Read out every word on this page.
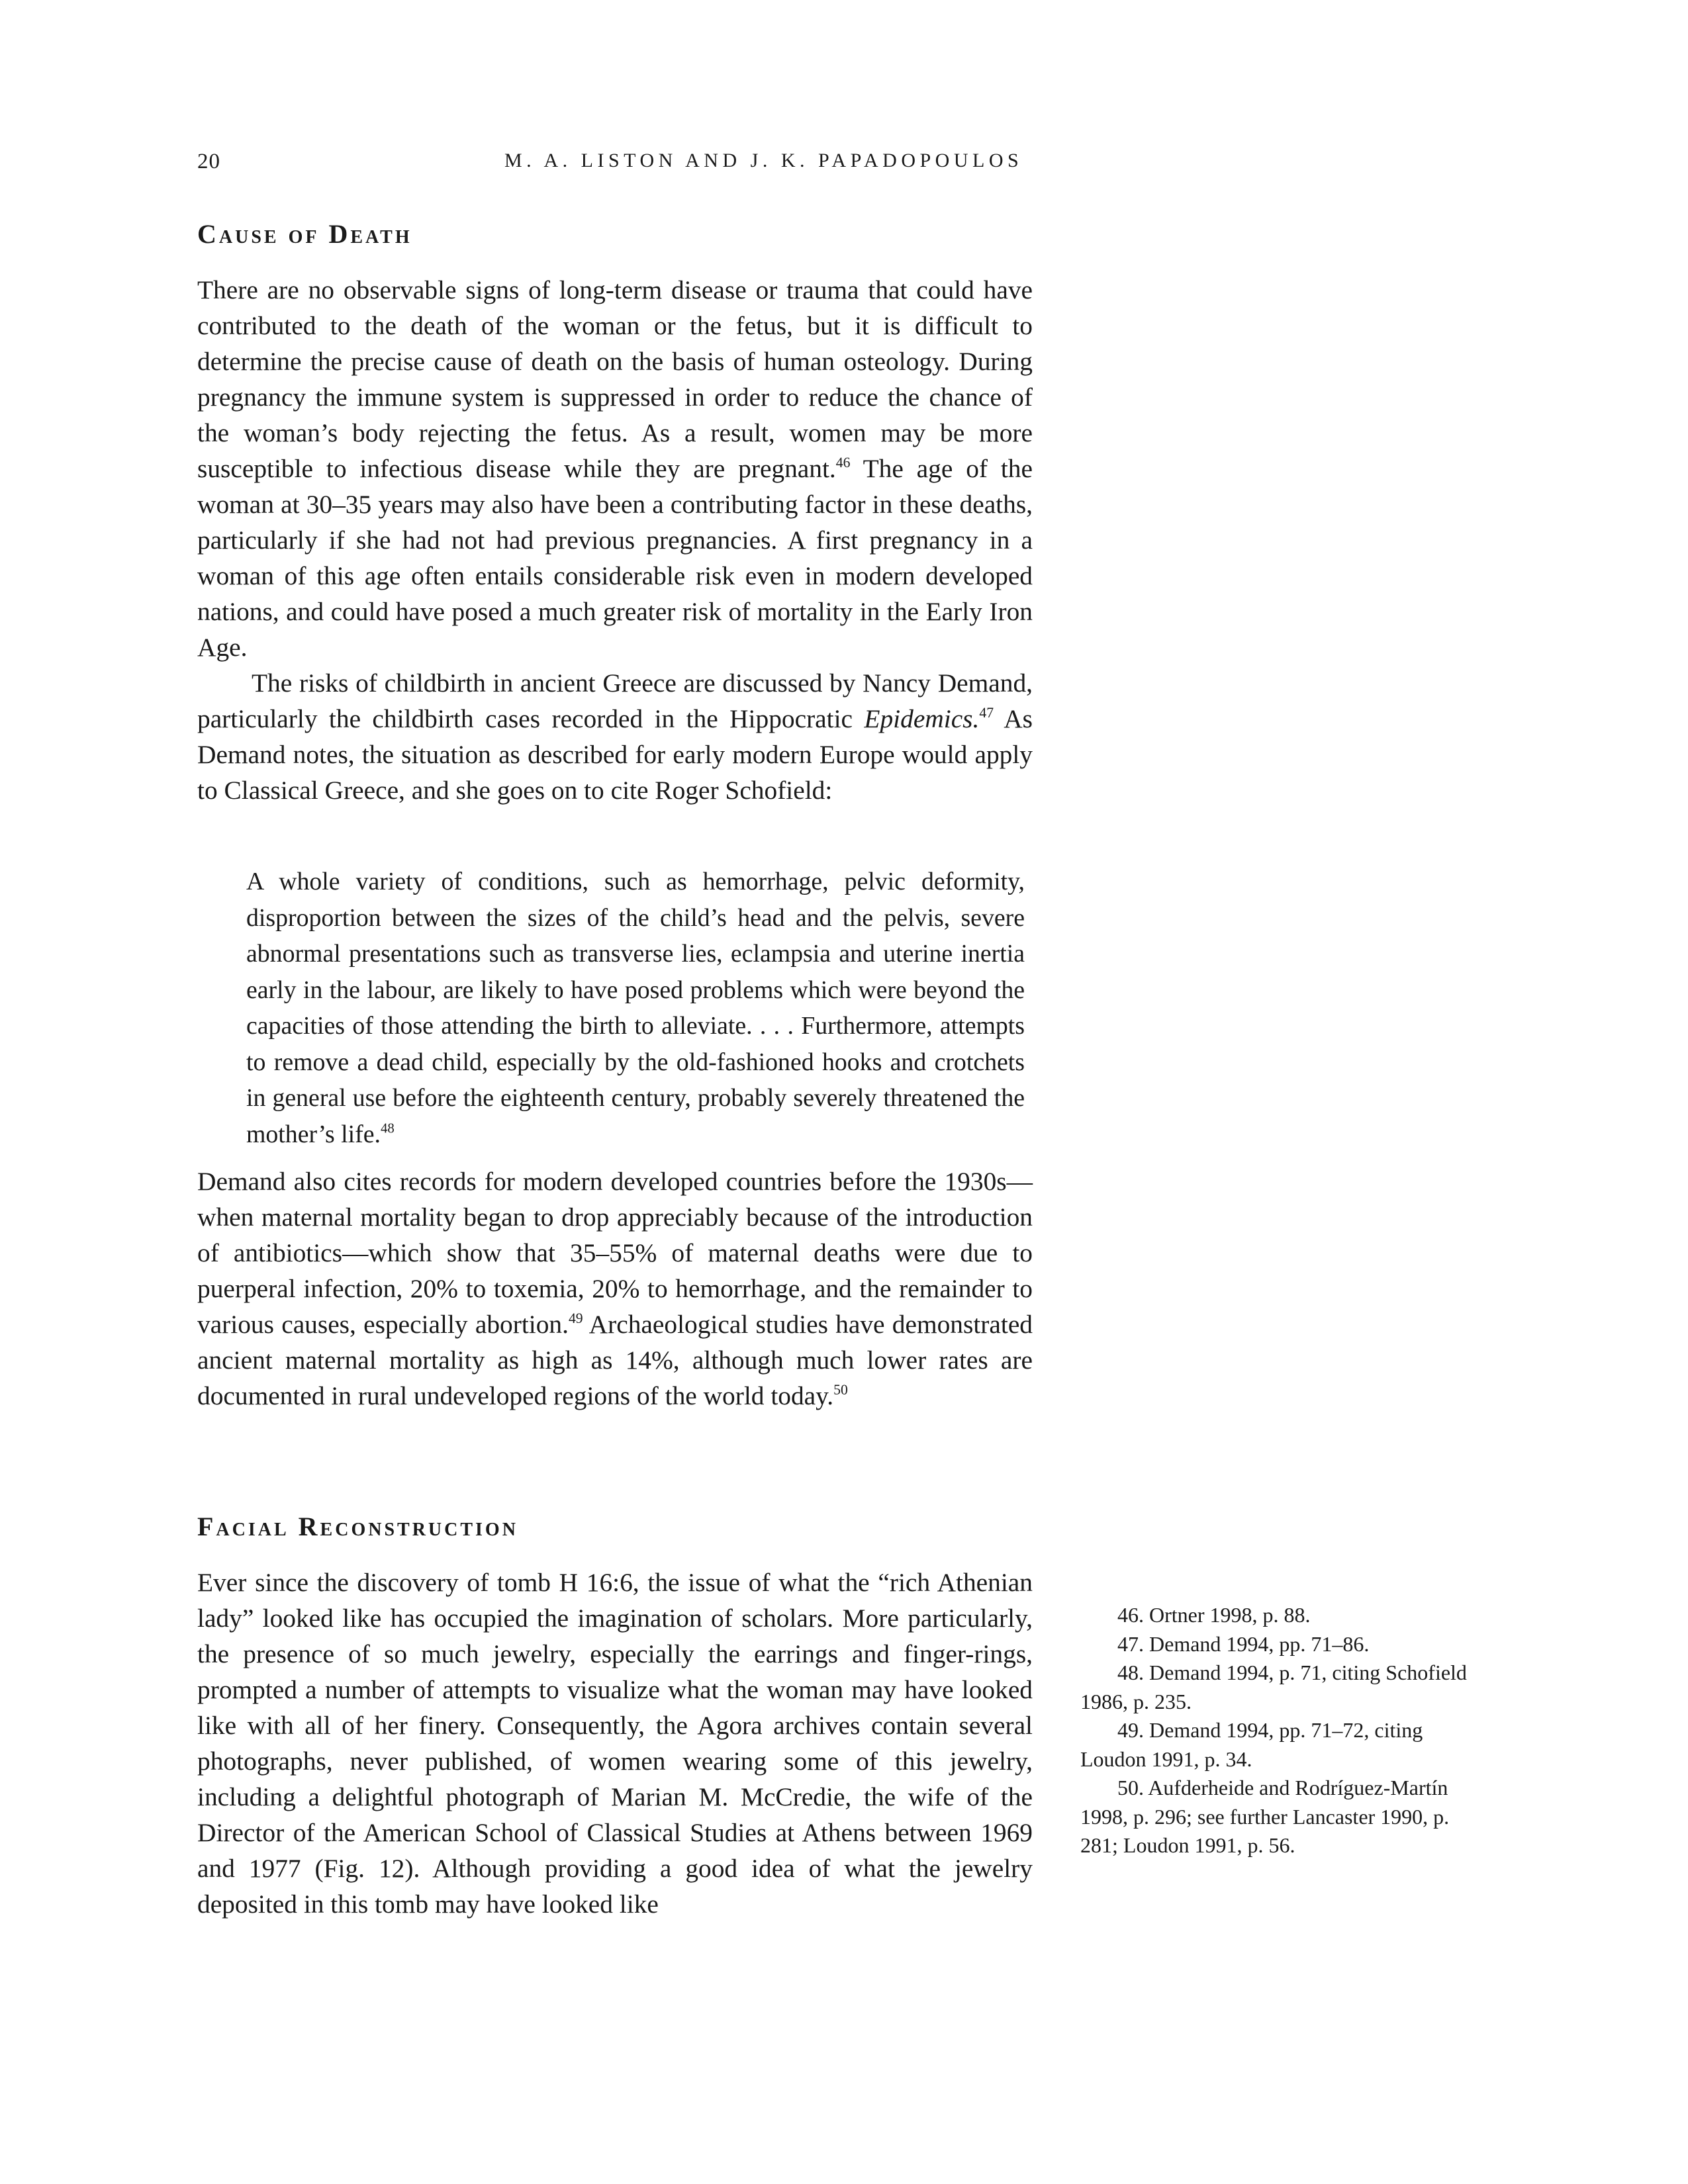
20	M. A. LISTON AND J. K. PAPADOPOULOS
Cause of Death

There are no observable signs of long-term disease or trauma that could have contributed to the death of the woman or the fetus, but it is difficult to determine the precise cause of death on the basis of human osteology. During pregnancy the immune system is suppressed in order to reduce the chance of the woman’s body rejecting the fetus. As a result, women may be more susceptible to infectious disease while they are pregnant.$^{46}$ The age of the woman at 30–35 years may also have been a contributing factor in these deaths, particularly if she had not had previous pregnancies. A first pregnancy in a woman of this age often entails considerable risk even in modern developed nations, and could have posed a much greater risk of mortality in the Early Iron Age.

The risks of childbirth in ancient Greece are discussed by Nancy Demand, particularly the childbirth cases recorded in the Hippocratic Epidemics.$^{47}$ As Demand notes, the situation as described for early modern Europe would apply to Classical Greece, and she goes on to cite Roger Schofield:

A whole variety of conditions, such as hemorrhage, pelvic deformity, disproportion between the sizes of the child’s head and the pelvis, severe abnormal presentations such as transverse lies, eclampsia and uterine inertia early in the labour, are likely to have posed problems which were beyond the capacities of those attending the birth to alleviate. . . . Furthermore, attempts to remove a dead child, especially by the old-fashioned hooks and crotchets in general use before the eighteenth century, probably severely threatened the mother’s life.$^{48}$

Demand also cites records for modern developed countries before the 1930s—when maternal mortality began to drop appreciably because of the introduction of antibiotics—which show that 35–55% of maternal deaths were due to puerperal infection, 20% to toxemia, 20% to hemorrhage, and the remainder to various causes, especially abortion.$^{49}$ Archaeological studies have demonstrated ancient maternal mortality as high as 14%, although much lower rates are documented in rural undeveloped regions of the world today.$^{50}$

Facial Reconstruction

Ever since the discovery of tomb H 16:6, the issue of what the “rich Athenian lady” looked like has occupied the imagination of scholars. More particularly, the presence of so much jewelry, especially the earrings and finger-rings, prompted a number of attempts to visualize what the woman may have looked like with all of her finery. Consequently, the Agora archives contain several photographs, never published, of women wearing some of this jewelry, including a delightful photograph of Marian M. McCredie, the wife of the Director of the American School of Classical Studies at Athens between 1969 and 1977 (Fig. 12). Although providing a good idea of what the jewelry deposited in this tomb may have looked like

46. Ortner 1998, p. 88.

47. Demand 1994, pp. 71–86.

48. Demand 1994, p. 71, citing Schofield 1986, p. 235.

49. Demand 1994, pp. 71–72, citing Loudon 1991, p. 34.

50. Aufderheide and Rodríguez-Martín 1998, p. 296; see further Lancaster 1990, p. 281; Loudon 1991, p. 56.
